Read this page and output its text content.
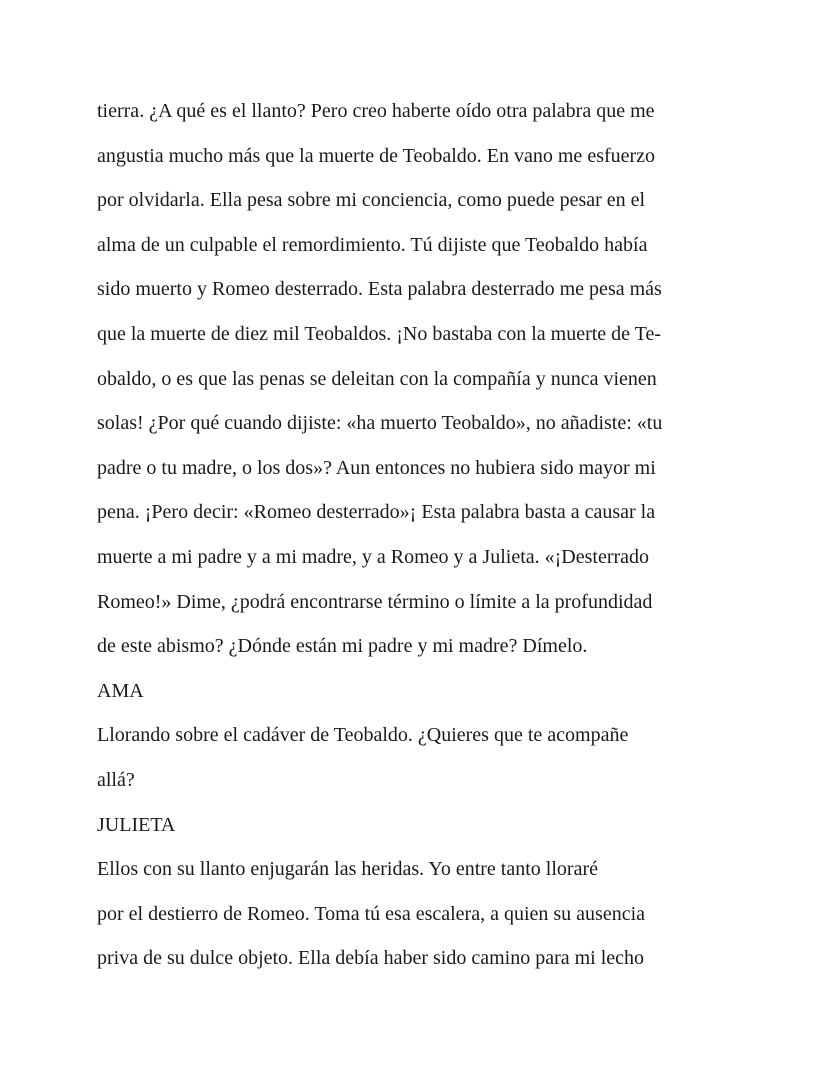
tierra. ¿A qué es el llanto? Pero creo haberte oído otra palabra que me
angustia mucho más que la muerte de Teobaldo. En vano me esfuerzo
por olvidarla. Ella pesa sobre mi conciencia, como puede pesar en el
alma de un culpable el remordimiento. Tú dijiste que Teobaldo había
sido muerto y Romeo desterrado. Esta palabra desterrado me pesa más
que la muerte de diez mil Teobaldos. ¡No bastaba con la muerte de Te-
obaldo, o es que las penas se deleitan con la compañía y nunca vienen
solas! ¿Por qué cuando dijiste: «ha muerto Teobaldo», no añadiste: «tu
padre o tu madre, o los dos»? Aun entonces no hubiera sido mayor mi
pena. ¡Pero decir: «Romeo desterrado»¡ Esta palabra basta a causar la
muerte a mi padre y a mi madre, y a Romeo y a Julieta. «¡Desterrado
Romeo!» Dime, ¿podrá encontrarse término o límite a la profundidad
de este abismo? ¿Dónde están mi padre y mi madre? Dímelo.
AMA
Llorando sobre el cadáver de Teobaldo. ¿Quieres que te acompañe
allá?
JULIETA
Ellos con su llanto enjugarán las heridas. Yo entre tanto lloraré
por el destierro de Romeo. Toma tú esa escalera, a quien su ausencia
priva de su dulce objeto. Ella debía haber sido camino para mi lecho
